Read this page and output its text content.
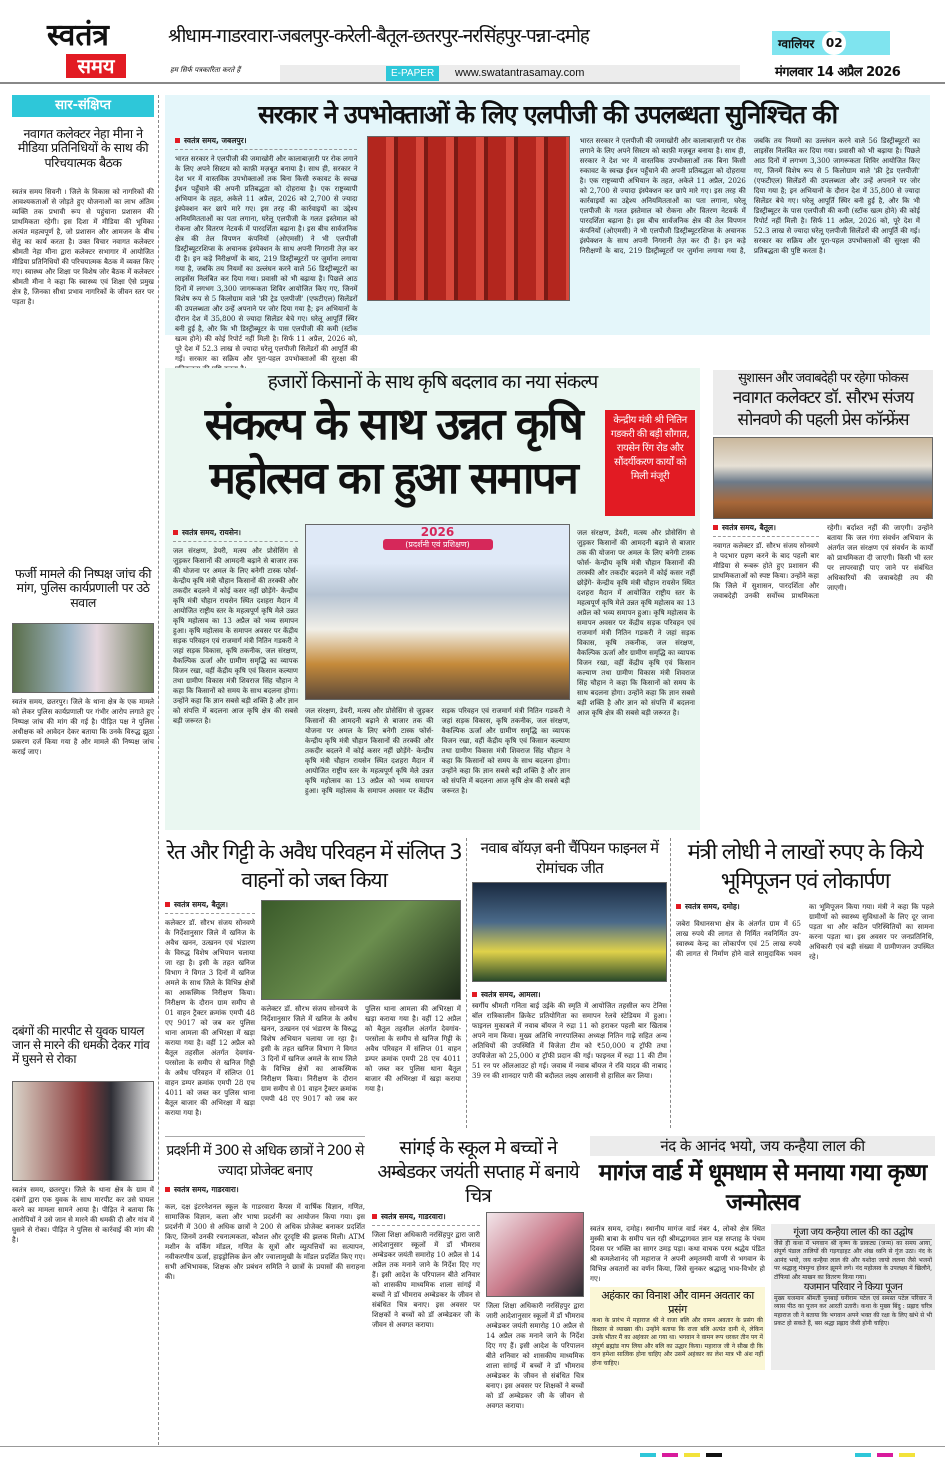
स्वतंत्र
समय
श्रीधाम-गाडरवारा-जबलपुर-करेली-बैतूल-छतरपुर-नरसिंहपुर-पन्ना-दमोह	ग्वालियर 02
हम सिर्फ पत्रकारिता करते हैं	E-PAPER	www.swatantrasamay.com	मंगलवार 14 अप्रैल 2026
सार-संक्षिप्त
नवागत कलेक्टर नेहा मीना ने मीडिया प्रतिनिधियों के साथ की परिचयात्मक बैठक
स्वतंत्र समय सिवनी । जिले के विकास को नागरिकों की आवश्यकताओं से जोड़ते हुए योजनाओं का लाभ अंतिम व्यक्ति तक प्रभावी रूप से पहुंचाना प्रशासन की प्राथमिकता रहेगी। इस दिशा में मीडिया की भूमिका अत्यंत महत्वपूर्ण है, जो प्रशासन और आमजन के बीच सेतु का कार्य करता है। उक्त विचार नवागत कलेक्टर श्रीमती नेहा मीना द्वारा कलेक्टर सभागार में आयोजित मीडिया प्रतिनिधियों की परिचयात्मक बैठक में व्यक्त किए गए। स्वास्थ्य और शिक्षा पर विशेष जोर बैठक में कलेक्टर श्रीमती मीना ने कहा कि स्वास्थ्य एवं शिक्षा ऐसे प्रमुख क्षेत्र है, जिनका सीधा प्रभाव नागरिकों के जीवन स्तर पर पड़ता है।
फर्जी मामले की निष्पक्ष जांच की मांग, पुलिस कार्यप्रणाली पर उठे सवाल
स्वतंत्र समय, छतरपुर। जिले के थाना क्षेत्र के एक मामले को लेकर पुलिस कार्यप्रणाली पर गंभीर आरोप लगाते हुए निष्पक्ष जांच की मांग की गई है। पीड़ित पक्ष ने पुलिस अधीक्षक को आवेदन देकर बताया कि उनके विरुद्ध झूठा प्रकरण दर्ज किया गया है और मामले की निष्पक्ष जांच कराई जाए।
दबंगों की मारपीट से युवक घायल जान से मारने की धमकी देकर गांव में घुसने से रोका
स्वतंत्र समय, छतरपुर। जिले के थाना क्षेत्र के ग्राम में दबंगों द्वारा एक युवक के साथ मारपीट कर उसे घायल करने का मामला सामने आया है। पीड़ित ने बताया कि आरोपियों ने उसे जान से मारने की धमकी दी और गांव में घुसने से रोका। पीड़ित ने पुलिस से कार्रवाई की मांग की है।
सरकार ने उपभोक्ताओं के लिए एलपीजी की उपलब्धता सुनिश्चित की
स्वतंत्र समय, जबलपुर।
भारत सरकार ने एलपीजी की जमाखोरी और कालाबाज़ारी पर रोक लगाने के लिए अपने सिस्टम को काफ़ी मज़बूत बनाया है। साथ ही, सरकार ने देश भर में वास्तविक उपभोक्ताओं तक बिना किसी रुकावट के स्वच्छ ईंधन पहुँचाने की अपनी प्रतिबद्धता को दोहराया है। एक राष्ट्रव्यापी अभियान के तहत, अकेले 11 अप्रैल, 2026 को 2,700 से ज्यादा इंस्पेक्शन कर छापे मारे गए। इस तरह की कार्रवाइयों का उद्देश्य अनियमितताओं का पता लगाना, घरेलू एलपीजी के गलत इस्तेमाल को रोकना और वितरण नेटवर्क में पारदर्शिता बढ़ाना है। इस बीच सार्वजनिक क्षेत्र की तेल विपणन कंपनियों (ओएमसी) ने भी एलपीजी डिस्ट्रीब्यूटरशिप्स के अचानक इंस्पेक्शन के साथ अपनी निगरानी तेज़ कर दी है। इन कड़े निरीक्षणों के बाद, 219 डिस्ट्रीब्यूटरों पर जुर्माना लगाया गया है, जबकि तय नियमों का उल्लंघन करने वाले 56 डिस्ट्रीब्यूटरों का लाइसेंस निलंबित कर दिया गया। प्रवासी को भी बढ़ाया है। पिछले आठ दिनों में लगभग 3,300 जागरूकता शिविर आयोजित किए गए, जिनमें विशेष रूप से 5 किलोग्राम वाले 'फ्री ट्रेड एलपीजी' (एफटीएल) सिलेंडरों की उपलब्धता और उन्हें अपनाने पर जोर दिया गया है; इन अभियानों के दौरान देश में 35,800 से ज्यादा सिलेंडर बेचे गए। घरेलू आपूर्ति स्थिर बनी हुई है, और कि भी डिस्ट्रीब्यूटर के पास एलपीजी की कमी (स्टॉक खत्म होने) की कोई रिपोर्ट नहीं मिली है। सिर्फ 11 अप्रैल, 2026 को, पूरे देश में 52.3 लाख से ज्यादा घरेलू एलपीजी सिलेंडरों की आपूर्ति की गई। सरकार का सक्रिय और पूरा-पहल उपभोक्ताओं की सुरक्षा की
भारत सरकार ने एलपीजी की जमाखोरी और कालाबाज़ारी पर रोक लगाने के लिए अपने सिस्टम को काफ़ी मज़बूत बनाया है। साथ ही, सरकार ने देश भर में वास्तविक उपभोक्ताओं तक बिना किसी रुकावट के स्वच्छ ईंधन पहुँचाने की अपनी प्रतिबद्धता को दोहराया है। एक राष्ट्रव्यापी अभियान के तहत, अकेले 11 अप्रैल, 2026 को 2,700 से ज्यादा इंस्पेक्शन कर छापे मारे गए। इस तरह की कार्रवाइयों का उद्देश्य अनियमितताओं का पता लगाना, घरेलू एलपीजी के गलत इस्तेमाल को रोकना और वितरण नेटवर्क में पारदर्शिता बढ़ाना है। इस बीच सार्वजनिक क्षेत्र की तेल विपणन कंपनियों (ओएमसी) ने भी एलपीजी डिस्ट्रीब्यूटरशिप्स के अचानक इंस्पेक्शन के साथ अपनी निगरानी तेज़ कर दी है। इन कड़े निरीक्षणों के बाद, 219 डिस्ट्रीब्यूटरों पर जुर्माना लगाया गया है, जबकि तय नियमों का उल्लंघन करने वाले 56 डिस्ट्रीब्यूटरों का लाइसेंस निलंबित कर दिया गया। प्रवासी को भी बढ़ाया है। पिछले आठ दिनों में लगभग 3,300 जागरूकता शिविर आयोजित किए गए, जिनमें विशेष रूप से 5 किलोग्राम वाले 'फ्री ट्रेड एलपीजी' (एफटीएल) सिलेंडरों की उपलब्धता और उन्हें अपनाने पर जोर दिया गया है; इन अभियानों के दौरान देश में 35,800 से ज्यादा सिलेंडर बेचे गए। घरेलू आपूर्ति स्थिर बनी हुई है, और कि भी डिस्ट्रीब्यूटर के पास एलपीजी की कमी (स्टॉक खत्म होने) की कोई रिपोर्ट नहीं मिली है। सिर्फ 11 अप्रैल, 2026 को, पूरे देश में 52.3 लाख से ज्यादा घरेलू एलपीजी सिलेंडरों की आपूर्ति की गई। सरकार का सक्रिय और पूरा-पहल उपभोक्ताओं की सुरक्षा की प्रतिबद्धता की पुष्टि करता है।
हजारों किसानों के साथ कृषि बदलाव का नया संकल्प
संकल्प के साथ उन्नत कृषि महोत्सव का हुआ समापन
केन्द्रीय मंत्री श्री नितिन गडकरी की बड़ी सौगात, रायसेन रिंग रोड और सौंदर्यीकरण कार्यों को मिली मंजूरी
स्वतंत्र समय, रायसेन।
जल संरक्षण, डेयरी, मत्स्य और प्रोसेसिंग से जुड़कर किसानों की आमदनी बढ़ाने से बाजार तक की योजना पर अमल के लिए बनेगी टास्क फोर्स- केन्द्रीय कृषि मंत्री चौहान किसानों की तरक्की और तकदीर बदलने में कोई कसर नहीं छोड़ेंगे- केन्द्रीय कृषि मंत्री चौहान रायसेन स्थित दशहरा मैदान में आयोजित राष्ट्रीय स्तर के महत्वपूर्ण कृषि मेले उन्नत कृषि महोत्सव का 13 अप्रैल को भव्य समापन हुआ। कृषि महोत्सव के समापन अवसर पर केंद्रीय सड़क परिवहन एवं राजमार्ग मंत्री नितिन गडकरी ने जहां सड़क विकास, कृषि तकनीक, जल संरक्षण, वैकल्पिक ऊर्जा और ग्रामीण समृद्धि का व्यापक विजन रखा, वहीं केंद्रीय कृषि एवं किसान कल्याण तथा ग्रामीण विकास मंत्री शिवराज सिंह चौहान ने कहा कि किसानों को समय के साथ बदलना होगा। उन्होंने कहा कि ज्ञान सबसे बड़ी शक्ति है और ज्ञान को संपत्ति में बदलना आज कृषि क्षेत्र की सबसे बड़ी जरूरत है।
2026
(प्रदर्शनी एवं प्रशिक्षण)
जल संरक्षण, डेयरी, मत्स्य और प्रोसेसिंग से जुड़कर किसानों की आमदनी बढ़ाने से बाजार तक की योजना पर अमल के लिए बनेगी टास्क फोर्स- केन्द्रीय कृषि मंत्री चौहान किसानों की तरक्की और तकदीर बदलने में कोई कसर नहीं छोड़ेंगे- केन्द्रीय कृषि मंत्री चौहान रायसेन स्थित दशहरा मैदान में आयोजित राष्ट्रीय स्तर के महत्वपूर्ण कृषि मेले उन्नत कृषि महोत्सव का 13 अप्रैल को भव्य समापन हुआ। कृषि महोत्सव के समापन अवसर पर केंद्रीय सड़क परिवहन एवं राजमार्ग मंत्री नितिन गडकरी ने जहां सड़क विकास, कृषि तकनीक, जल संरक्षण, वैकल्पिक ऊर्जा और ग्रामीण समृद्धि का व्यापक विजन रखा, वहीं केंद्रीय कृषि एवं किसान कल्याण तथा ग्रामीण विकास मंत्री शिवराज सिंह चौहान ने कहा कि किसानों को समय के साथ बदलना होगा। उन्होंने कहा कि ज्ञान सबसे बड़ी शक्ति है और ज्ञान को संपत्ति में बदलना आज कृषि क्षेत्र की सबसे बड़ी जरूरत है।
जल संरक्षण, डेयरी, मत्स्य और प्रोसेसिंग से जुड़कर किसानों की आमदनी बढ़ाने से बाजार तक की योजना पर अमल के लिए बनेगी टास्क फोर्स- केन्द्रीय कृषि मंत्री चौहान किसानों की तरक्की और तकदीर बदलने में कोई कसर नहीं छोड़ेंगे- केन्द्रीय कृषि मंत्री चौहान रायसेन स्थित दशहरा मैदान में आयोजित राष्ट्रीय स्तर के महत्वपूर्ण कृषि मेले उन्नत कृषि महोत्सव का 13 अप्रैल को भव्य समापन हुआ। कृषि महोत्सव के समापन अवसर पर केंद्रीय सड़क परिवहन एवं राजमार्ग मंत्री नितिन गडकरी ने जहां सड़क विकास, कृषि तकनीक, जल संरक्षण, वैकल्पिक ऊर्जा और ग्रामीण समृद्धि का व्यापक विजन रखा, वहीं केंद्रीय कृषि एवं किसान कल्याण तथा ग्रामीण विकास मंत्री शिवराज सिंह चौहान ने कहा कि किसानों को समय के साथ बदलना होगा। उन्होंने कहा कि ज्ञान सबसे बड़ी शक्ति है और ज्ञान को संपत्ति में बदलना आज कृषि क्षेत्र की सबसे बड़ी जरूरत है।
सुशासन और जवाबदेही पर रहेगा फोकस
नवागत कलेक्टर डॉ. सौरभ संजय सोनवणे की पहली प्रेस कॉन्फ्रेंस
स्वतंत्र समय, बैतूल।
नवागत कलेक्टर डॉ. सौरभ संजय सोनवणे ने पदभार ग्रहण करने के बाद पहली बार मीडिया से रूबरू होते हुए प्रशासन की प्राथमिकताओं को स्पष्ट किया। उन्होंने कहा कि जिले में सुशासन, पारदर्शिता और जवाबदेही उनकी सर्वोच्च प्राथमिकता रहेगी। बर्दाश्त नहीं की जाएगी। उन्होंने बताया कि जल गंगा संवर्धन अभियान के अंतर्गत जल संरक्षण एवं संवर्धन के कार्यों को प्राथमिकता दी जाएगी। किसी भी स्तर पर लापरवाही पाए जाने पर संबंधित अधिकारियों की जवाबदेही तय की जाएगी।
रेत और गिट्टी के अवैध परिवहन में संलिप्त 3 वाहनों को जब्त किया
स्वतंत्र समय, बैतूल।
कलेक्टर डॉ. सौरभ संजय सोनवणे के निर्देशानुसार जिले में खनिज के अवैध खनन, उत्खनन एवं भंडारण के विरुद्ध विशेष अभियान चलाया जा रहा है। इसी के तहत खनिज विभाग ने विगत 3 दिनों में खनिज अमले के साथ जिले के विभिन्न क्षेत्रों का आकस्मिक निरीक्षण किया। निरीक्षण के दौरान ग्राम समीप से 01 वाहन ट्रैक्टर क्रमांक एमपी 48 एए 9017 को जब कर पुलिस थाना आमला की अभिरक्षा में खड़ा कराया गया है। वहीं 12 अप्रैल को बैतूल तहसील अंतर्गत देवगांव-परसोला के समीप से खनिज गिट्टी के अवैध परिवहन में संलिप्त 01 वाहन डम्पर क्रमांक एमपी 28 एच 4011 को जब्त कर पुलिस थाना बैतूल बाजार की अभिरक्षा में खड़ा कराया गया है।
कलेक्टर डॉ. सौरभ संजय सोनवणे के निर्देशानुसार जिले में खनिज के अवैध खनन, उत्खनन एवं भंडारण के विरुद्ध विशेष अभियान चलाया जा रहा है। इसी के तहत खनिज विभाग ने विगत 3 दिनों में खनिज अमले के साथ जिले के विभिन्न क्षेत्रों का आकस्मिक निरीक्षण किया। निरीक्षण के दौरान ग्राम समीप से 01 वाहन ट्रैक्टर क्रमांक एमपी 48 एए 9017 को जब कर पुलिस थाना आमला की अभिरक्षा में खड़ा कराया गया है। वहीं 12 अप्रैल को बैतूल तहसील अंतर्गत देवगांव-परसोला के समीप से खनिज गिट्टी के अवैध परिवहन में संलिप्त 01 वाहन डम्पर क्रमांक एमपी 28 एच 4011 को जब्त कर पुलिस थाना बैतूल बाजार की अभिरक्षा में खड़ा कराया गया है।
नवाब बॉयज़ बनी चैंपियन फाइनल में रोमांचक जीत
स्वतंत्र समय, आमला।
स्वर्गीय श्रीमती गनिता बाई उईके की स्मृति में आयोजित तहसील कप टेनिस बॉल रात्रिकालीन क्रिकेट प्रतियोगिता का समापन रेलवे स्टेडियम में हुआ। फाइनल मुकाबले में नवाब बॉयज ने रुद्रा 11 को हराकर पहली बार खिताब अपने नाम किया। मुख्य अतिथि नगरपालिका अध्यक्ष नितिन गाढ़े सहित अन्य अतिथियों की उपस्थिति में विजेता टीम को ₹50,000 व ट्रॉफी तथा उपविजेता को 25,000 व ट्रॉफी प्रदान की गई। फाइनल में रुद्रा 11 की टीम 51 रन पर ऑलआउट हो गई। जवाब में नवाब बॉयज ने रवि यादव की नाबाद 39 रन की शानदार पारी की बदौलत लक्ष्य आसानी से हासिल कर लिया।
मंत्री लोधी ने लाखों रुपए के किये भूमिपूजन एवं लोकार्पण
स्वतंत्र समय, दमोह।
जबेरा विधानसभा क्षेत्र के अंतर्गत ग्राम में 65 लाख रुपये की लागत से निर्मित नवनिर्मित उप-स्वास्थ्य केन्द्र का लोकार्पण एवं 25 लाख रुपये की लागत से निर्माण होने वाले सामुदायिक भवन का भूमिपूजन किया गया। मंत्री ने कहा कि पहले ग्रामीणों को स्वास्थ्य सुविधाओं के लिए दूर जाना पड़ता था और कठिन परिस्थितियों का सामना करना पड़ता था। इस अवसर पर जनप्रतिनिधि, अधिकारी एवं बड़ी संख्या में ग्रामीणजन उपस्थित रहे।
प्रदर्शनी में 300 से अधिक छात्रों ने 200 से ज्यादा प्रोजेक्ट बनाए
स्वतंत्र समय, गाडरवारा।
कल, दक्ष इंटरनेशनल स्कूल के गाडरवारा कैंपस में वार्षिक विज्ञान, गणित, सामाजिक विज्ञान, कला और भाषा प्रदर्शनी का आयोजन किया गया। इस प्रदर्शनी में 300 से अधिक छात्रों ने 200 से अधिक प्रोजेक्ट बनाकर प्रदर्शित किए, जिनमें उनकी रचनात्मकता, कौशल और दूरदृष्टि की झलक मिली। ATM मशीन के वर्किंग मॉडल, गणित के सूत्रों और व्युत्पत्तियों का सत्यापन, नवीकरणीय ऊर्जा, हाइड्रोलिक क्रेन और ज्वालामुखी के मॉडल प्रदर्शित किए गए। सभी अभिभावक, शिक्षक और प्रबंधन समिति ने छात्रों के प्रयासों की सराहना की।
सांगई के स्कूल मे बच्चों ने अम्बेडकर जयंती सप्ताह में बनाये चित्र
स्वतंत्र समय, गाडरवारा।
जिला शिक्षा अधिकारी नरसिंहपुर द्वारा जारी आदेशानुसार स्कूलों में डॉ भीमराव अम्बेडकर जयंती समारोह 10 अप्रैल से 14 अप्रैल तक मनाने जाने के निर्देश दिए गए हैं। इसी आदेश के परिपालन बीते शनिवार को शासकीय माध्यमिक शाला सांगई में बच्चों ने डॉ भीमराव अम्बेडकर के जीवन से संबंधित चित्र बनाए। इस अवसर पर शिक्षकों ने बच्चों को डॉ अम्बेडकर जी के जीवन से अवगत कराया।
जिला शिक्षा अधिकारी नरसिंहपुर द्वारा जारी आदेशानुसार स्कूलों में डॉ भीमराव अम्बेडकर जयंती समारोह 10 अप्रैल से 14 अप्रैल तक मनाने जाने के निर्देश दिए गए हैं। इसी आदेश के परिपालन बीते शनिवार को शासकीय माध्यमिक शाला सांगई में बच्चों ने डॉ भीमराव अम्बेडकर के जीवन से संबंधित चित्र बनाए। इस अवसर पर शिक्षकों ने बच्चों को डॉ अम्बेडकर जी के जीवन से अवगत कराया।
नंद के आनंद भयो, जय कन्हैया लाल की
मागंज वार्ड में धूमधाम से मनाया गया कृष्ण जन्मोत्सव
स्वतंत्र समय, दमोह। स्थानीय मागंज वार्ड नंबर 4, लोको क्षेत्र स्थित मुस्की बाबा के समीप चल रही श्रीमद्भागवत ज्ञान यज्ञ सप्ताह के पंचम दिवस पर भक्ति का सागर उमड़ पड़ा। कथा वाचक परम श्रद्धेय पंडित श्री कमलेशानंद जी महाराज ने अपनी अमृतमयी वाणी से भगवान के विभिन्न अवतारों का वर्णन किया, जिसे सुनकर श्रद्धालु भाव-विभोर हो गए।
अहंकार का विनाश और वामन अवतार का प्रसंग
कथा के प्रारंभ में महाराज श्री ने राजा बलि और वामन अवतार के प्रसंग की विस्तार से व्याख्या की। उन्होंने बताया कि राजा बलि अत्यंत दानी थे, लेकिन उनके भीतर मैं का अहंकार आ गया था। भगवान ने वामन रूप धरकर तीन पग में संपूर्ण ब्रह्मांड नाप लिया और बलि का उद्धार किया। महाराज जी ने सीख दी कि दान हमेशा सात्विक होना चाहिए और उसमें अहंकार का लेश मात्र भी अंश नहीं होना चाहिए।
गूंजा जय कन्हैया लाल की का उद्घोष
जैसे ही कथा में भगवान श्री कृष्ण के प्राकट्य (जन्म) का समय आया, संपूर्ण पंडाल तालियों की गड़गड़ाहट और शंख ध्वनि से गूंज उठा। नंद के आनंद भयो, जय कन्हैया लाल की और यशोदा जायो ललना जैसे भजनों पर श्रद्धालु मंत्रमुग्ध होकर झूमने लगे। नंद महोत्सव के उपलक्ष्य में खिलौने, टॉफियां और माखन का वितरण किया गया।
यजमान परिवार ने किया पूजन
मुख्य यजमान श्रीमती पुनबाई घनीराम पटेल एवं समस्त पटेल परिवार ने व्यास पीठ का पूजन कर आरती उतारी। कथा के मुख्य बिंदु : प्रह्लाद चरित्र महाराज जी ने बताया कि भगवान अपने भक्त की रक्षा के लिए खंभे से भी प्रकट हो सकते हैं, बस श्रद्धा प्रह्लाद जैसी होनी चाहिए।
